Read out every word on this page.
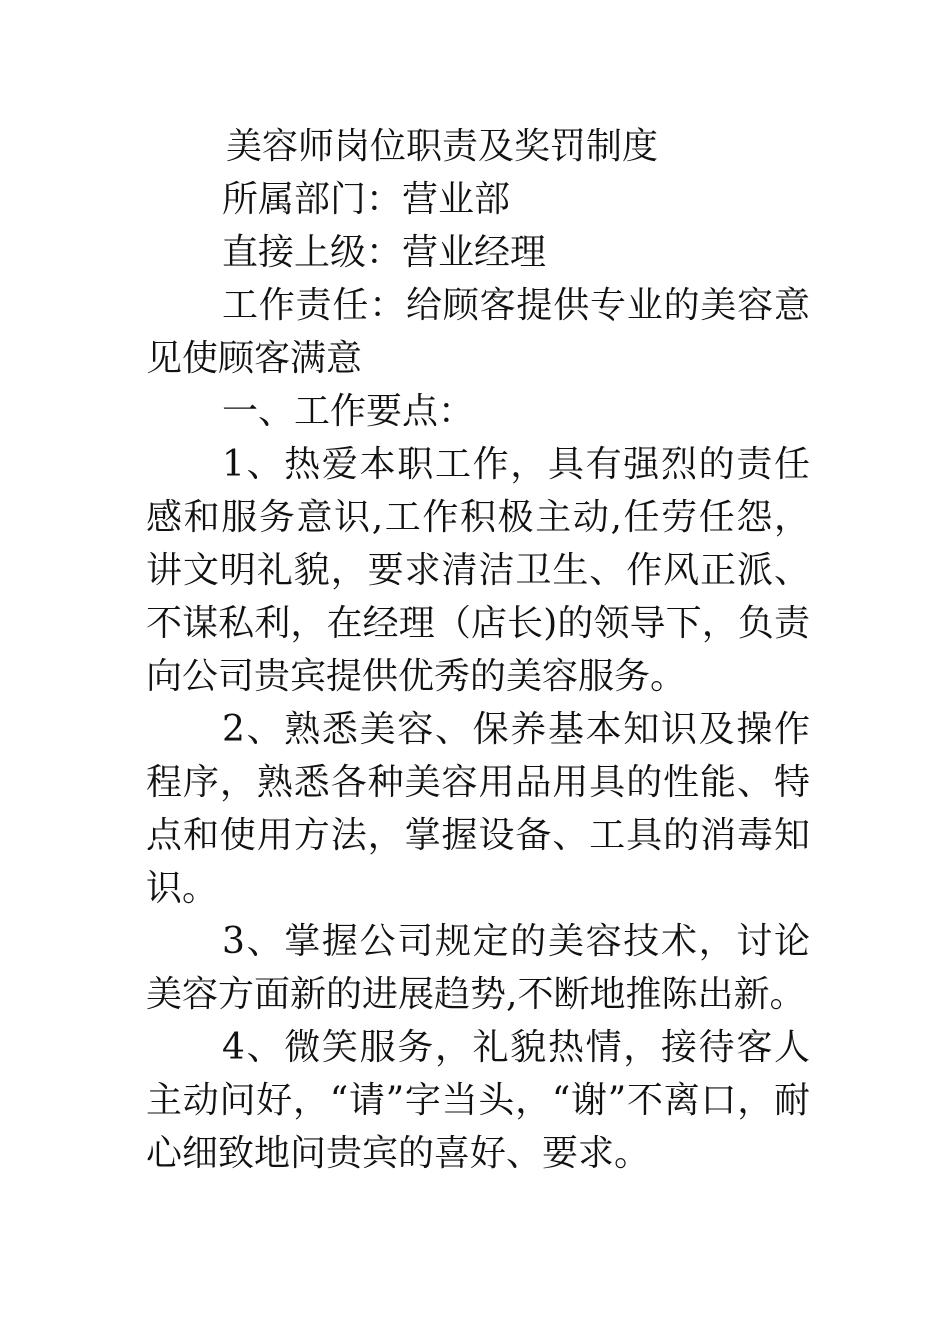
美容师岗位职责及奖罚制度

所属部门：营业部

直接上级：营业经理

工作责任：给顾客提供专业的美容意见使顾客满意

一、工作要点：

1、热爱本职工作，具有强烈的责任感和服务意识,工作积极主动,任劳任怨，讲文明礼貌，要求清洁卫生、作风正派、不谋私利，在经理（店长)的领导下，负责向公司贵宾提供优秀的美容服务。

2、熟悉美容、保养基本知识及操作程序，熟悉各种美容用品用具的性能、特点和使用方法，掌握设备、工具的消毒知识。

3、掌握公司规定的美容技术，讨论美容方面新的进展趋势,不断地推陈出新。

4、微笑服务，礼貌热情，接待客人主动问好，“请”字当头，“谢”不离口，耐心细致地问贵宾的喜好、要求。
